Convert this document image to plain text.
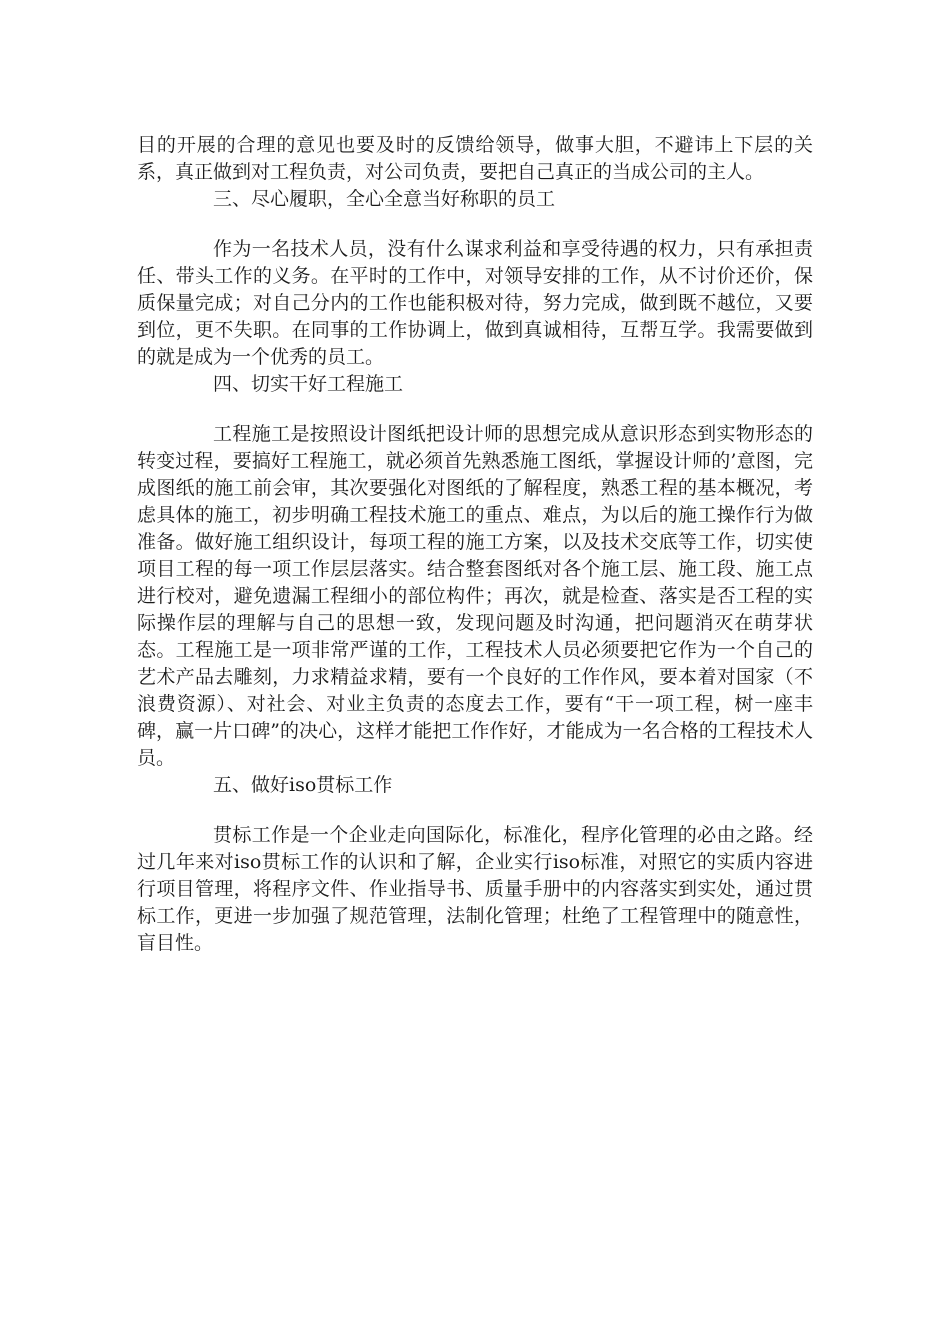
目的开展的合理的意见也要及时的反馈给领导，做事大胆，不避讳上下层的关系，真正做到对工程负责，对公司负责，要把自己真正的当成公司的主人。

三、尽心履职，全心全意当好称职的员工

作为一名技术人员，没有什么谋求利益和享受待遇的权力，只有承担责任、带头工作的义务。在平时的工作中，对领导安排的工作，从不讨价还价，保质保量完成；对自己分内的工作也能积极对待，努力完成，做到既不越位，又要到位，更不失职。在同事的工作协调上，做到真诚相待，互帮互学。我需要做到的就是成为一个优秀的员工。

四、切实干好工程施工

工程施工是按照设计图纸把设计师的思想完成从意识形态到实物形态的转变过程，要搞好工程施工，就必须首先熟悉施工图纸，掌握设计师的’意图，完成图纸的施工前会审，其次要强化对图纸的了解程度，熟悉工程的基本概况，考虑具体的施工，初步明确工程技术施工的重点、难点，为以后的施工操作行为做准备。做好施工组织设计，每项工程的施工方案，以及技术交底等工作，切实使项目工程的每一项工作层层落实。结合整套图纸对各个施工层、施工段、施工点进行校对，避免遗漏工程细小的部位构件；再次，就是检查、落实是否工程的实际操作层的理解与自己的思想一致，发现问题及时沟通，把问题消灭在萌芽状态。工程施工是一项非常严谨的工作，工程技术人员必须要把它作为一个自己的艺术产品去雕刻，力求精益求精，要有一个良好的工作作风，要本着对国家（不浪费资源）、对社会、对业主负责的态度去工作，要有“干一项工程，树一座丰碑，赢一片口碑”的决心，这样才能把工作作好，才能成为一名合格的工程技术人员。

五、做好iso贯标工作

贯标工作是一个企业走向国际化，标准化，程序化管理的必由之路。经过几年来对iso贯标工作的认识和了解，企业实行iso标准，对照它的实质内容进行项目管理，将程序文件、作业指导书、质量手册中的内容落实到实处，通过贯标工作，更进一步加强了规范管理，法制化管理；杜绝了工程管理中的随意性，盲目性。
